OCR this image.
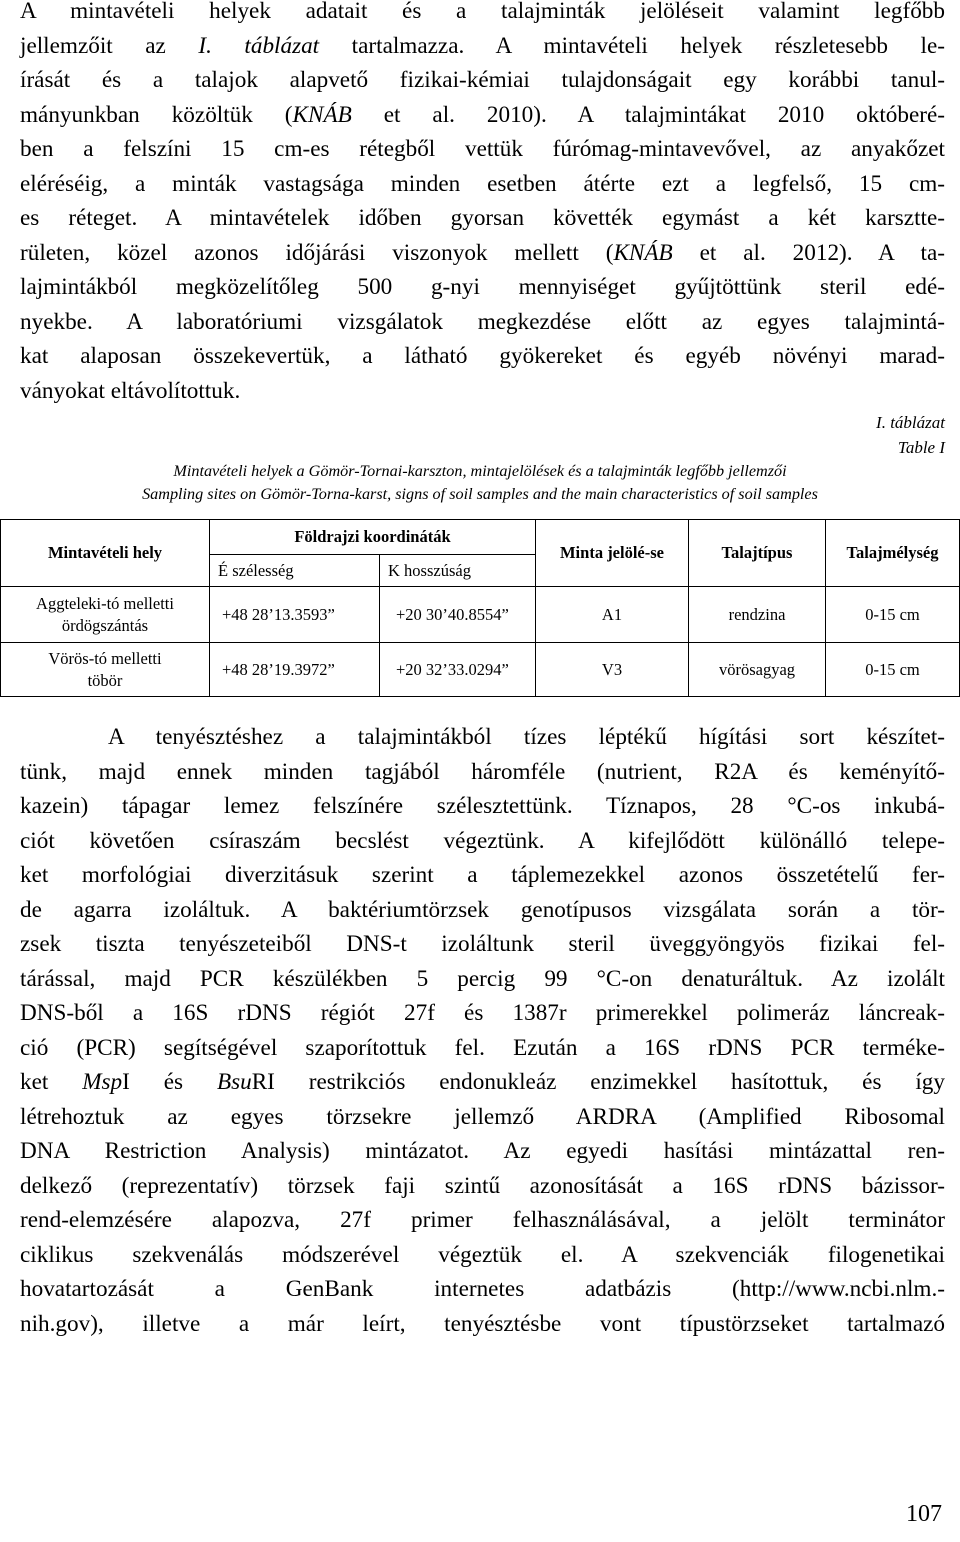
A mintavételi helyek adatait és a talajminták jelöléseit valamint legfőbb
jellemzőit az I. táblázat tartalmazza. A mintavételi helyek részletesebb le-
írását és a talajok alapvető fizikai-kémiai tulajdonságait egy korábbi tanul-
mányunkban közöltük (KNÁB et al. 2010). A talajmintákat 2010 októberé-
ben a felszíni 15 cm-es rétegből vettük fúrómag-mintavevővel, az anyakőzet
eléréséig, a minták vastagsága minden esetben átérte ezt a legfelső, 15 cm-
es réteget. A mintavételek időben gyorsan követték egymást a két karsztte-
rületen, közel azonos időjárási viszonyok mellett (KNÁB et al. 2012). A ta-
lajmintákból megközelítőleg 500 g-nyi mennyiséget gyűjtöttünk steril edé-
nyekbe. A laboratóriumi vizsgálatok megkezdése előtt az egyes talajmintá-
kat alaposan összekevertük, a látható gyökereket és egyéb növényi marad-
ványokat eltávolítottuk.
I. táblázat
Table I
Mintavételi helyek a Gömör-Tornai-karszton, mintajelölések és a talajminták legfőbb jellemzői
Sampling sites on Gömör-Torna-karst, signs of soil samples and the main characteristics of soil samples
Mintavételi hely	Földrajzi koordináták		Minta jelölé-se	Talajtípus	Talajmélység
	É szélesség	K hosszúság			

Aggteleki-tó melletti
ördögszántás	+48 28’13.3593”	+20 30’40.8554”	A1	rendzina	0-15 cm

Vörös-tó melletti
töbör	+48 28’19.3972”	+20 32’33.0294”	V3	vörösagyag	0-15 cm
A tenyésztéshez a talajmintákból tízes léptékű hígítási sort készítet-
tünk, majd ennek minden tagjából háromféle (nutrient, R2A és keményítő-
kazein) tápagar lemez felszínére szélesztettünk. Tíznapos, 28 °C-os inkubá-
ciót követően csíraszám becslést végeztünk. A kifejlődött különálló telepe-
ket morfológiai diverzitásuk szerint a táplemezekkel azonos összetételű fer-
de agarra izoláltuk. A baktériumtörzsek genotípusos vizsgálata során a tör-
zsek tiszta tenyészeteiből DNS-t izoláltunk steril üveggyöngyös fizikai fel-
tárással, majd PCR készülékben 5 percig 99 °C-on denaturáltuk. Az izolált
DNS-ből a 16S rDNS régiót 27f és 1387r primerekkel polimeráz láncreak-
ció (PCR) segítségével szaporítottuk fel. Ezután a 16S rDNS PCR terméke-
ket MspI és BsuRI restrikciós endonukleáz enzimekkel hasítottuk, és így
létrehoztuk az egyes törzsekre jellemző ARDRA (Amplified Ribosomal
DNA Restriction Analysis) mintázatot. Az egyedi hasítási mintázattal ren-
delkező (reprezentatív) törzsek faji szintű azonosítását a 16S rDNS bázissor-
rend-elemzésére alapozva, 27f primer felhasználásával, a jelölt terminátor
ciklikus szekvenálás módszerével végeztük el. A szekvenciák filogenetikai
hovatartozását a GenBank internetes adatbázis (http://www.ncbi.nlm.-
nih.gov), illetve a már leírt, tenyésztésbe vont típustörzseket tartalmazó
107
